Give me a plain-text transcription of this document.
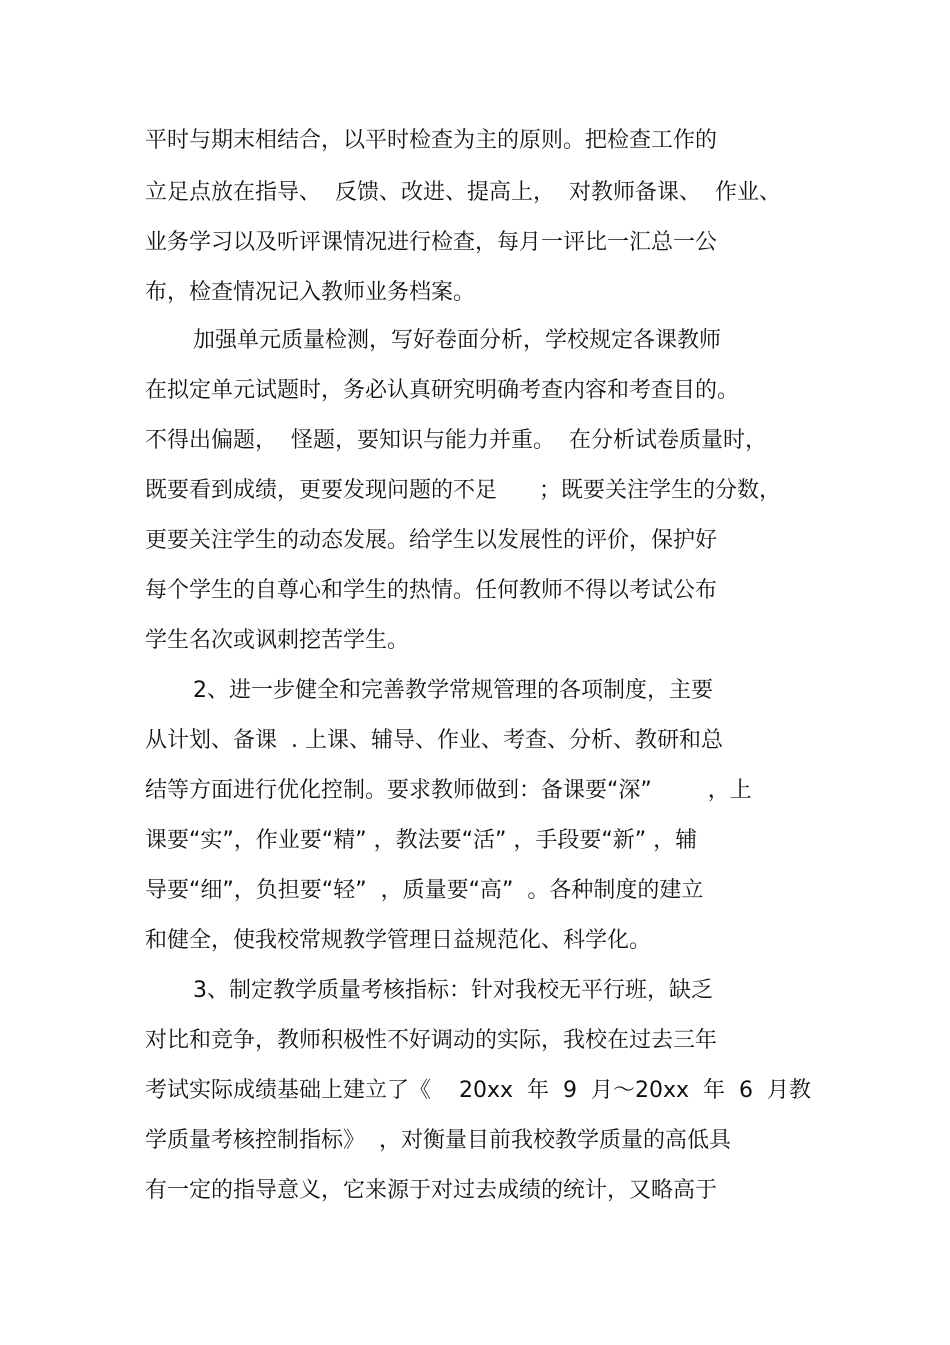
平时与期末相结合，以平时检查为主的原则。把检查工作的
立足点放在指导、  反馈、改进、提高上，  对教师备课、  作业、
业务学习以及听评课情况进行检查，每月一评比一汇总一公
布，检查情况记入教师业务档案。
加强单元质量检测，写好卷面分析，学校规定各课教师
在拟定单元试题时，务必认真研究明确考查内容和考查目的。
不得出偏题，  怪题，要知识与能力并重。  在分析试卷质量时，
既要看到成绩，更要发现问题的不足      ；既要关注学生的分数，
更要关注学生的动态发展。给学生以发展性的评价，保护好
每个学生的自尊心和学生的热情。任何教师不得以考试公布
学生名次或讽刺挖苦学生。
2、进一步健全和完善教学常规管理的各项制度，主要
从计划、备课  . 上课、辅导、作业、考查、分析、教研和总
结等方面进行优化控制。要求教师做到：备课要“深”        ，上
课要“实”，作业要“精” ，教法要“活” ，手段要“新” ，辅
导要“细”，负担要“轻”  ，质量要“高”  。各种制度的建立
和健全，使我校常规教学管理日益规范化、科学化。
3、制定教学质量考核指标：针对我校无平行班，缺乏
对比和竞争，教师积极性不好调动的实际，我校在过去三年
考试实际成绩基础上建立了《    20xx  年  9  月～20xx  年  6  月教
学质量考核控制指标》  ，对衡量目前我校教学质量的高低具
有一定的指导意义，它来源于对过去成绩的统计，又略高于
